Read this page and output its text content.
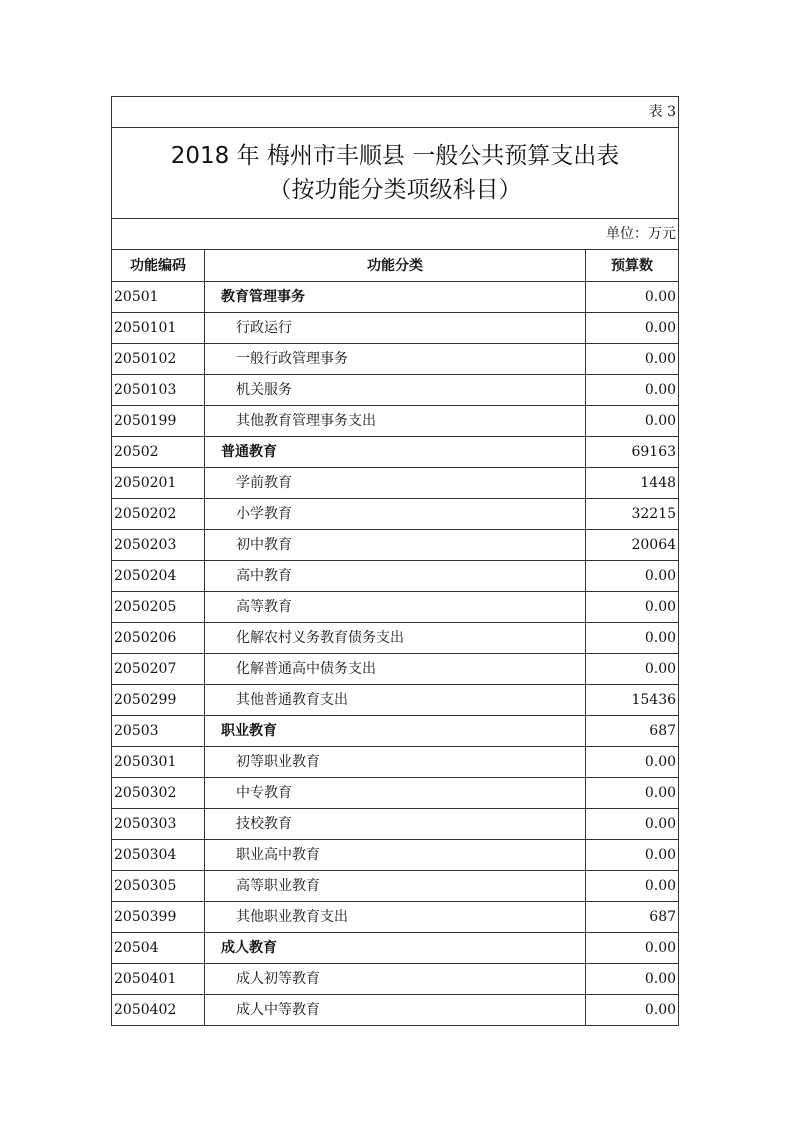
表 3		

2018 年 梅州市丰顺县 一般公共预算支出表
（按功能分类项级科目）		

单位：万元		
功能编码	功能分类	预算数
20501	教育管理事务	0.00
2050101	行政运行	0.00
2050102	一般行政管理事务	0.00
2050103	机关服务	0.00
2050199	其他教育管理事务支出	0.00
20502	普通教育	69163
2050201	学前教育	1448
2050202	小学教育	32215
2050203	初中教育	20064
2050204	高中教育	0.00
2050205	高等教育	0.00
2050206	化解农村义务教育债务支出	0.00
2050207	化解普通高中债务支出	0.00
2050299	其他普通教育支出	15436
20503	职业教育	687
2050301	初等职业教育	0.00
2050302	中专教育	0.00
2050303	技校教育	0.00
2050304	职业高中教育	0.00
2050305	高等职业教育	0.00
2050399	其他职业教育支出	687
20504	成人教育	0.00
2050401	成人初等教育	0.00
2050402	成人中等教育	0.00
